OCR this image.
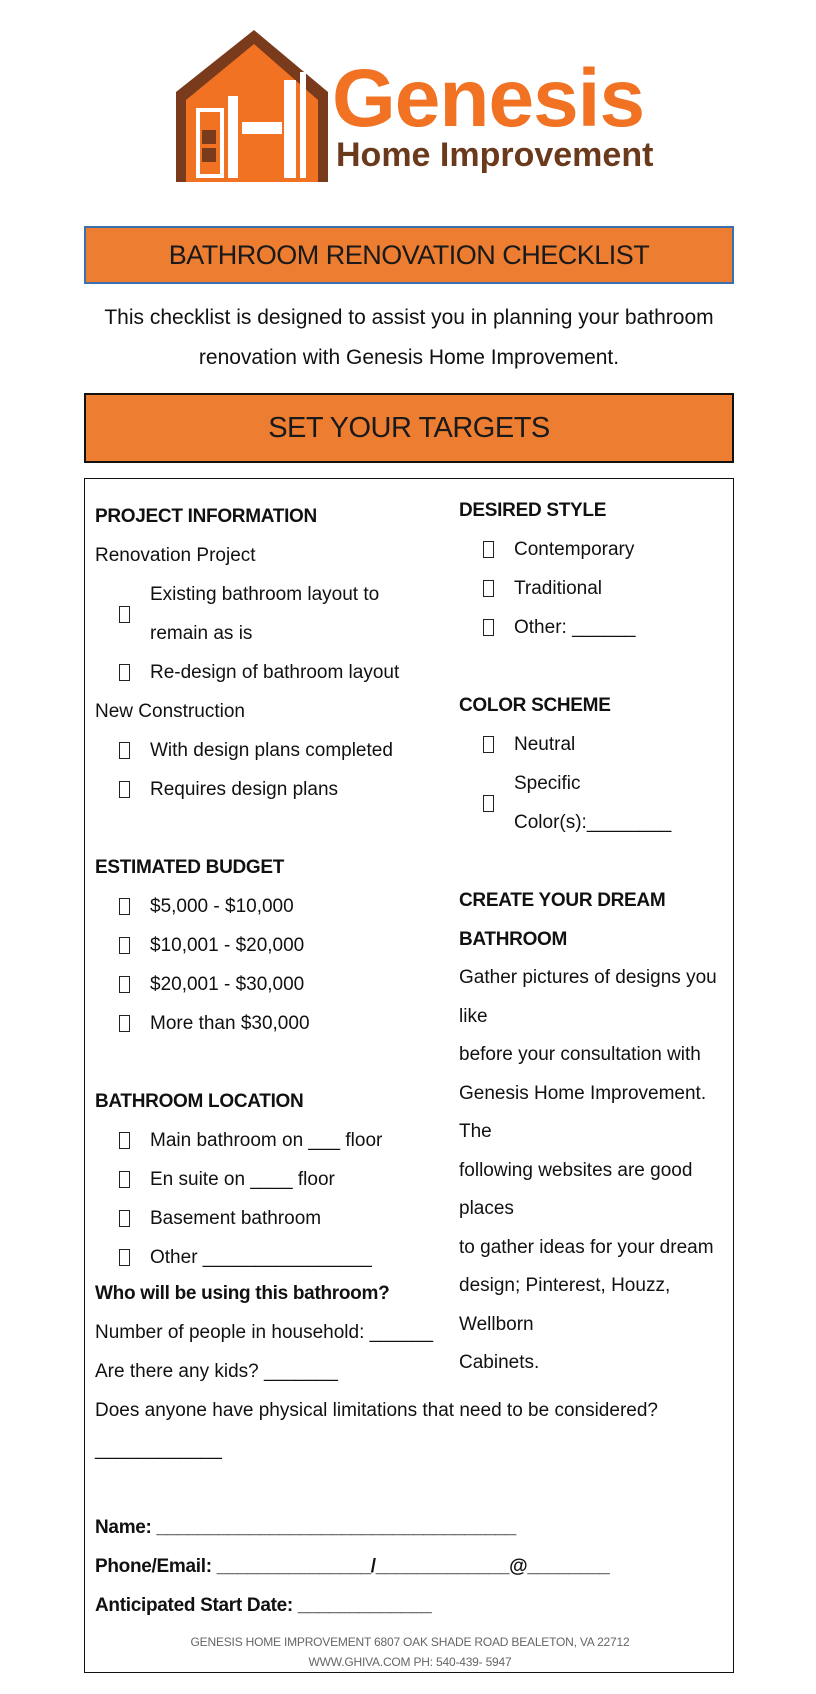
Genesis
Home Improvement
BATHROOM RENOVATION CHECKLIST
This checklist is designed to assist you in planning your bathroom renovation with Genesis Home Improvement.
SET YOUR TARGETS
PROJECT INFORMATION
Renovation Project
Existing bathroom layout to remain as is
Re-design of bathroom layout
New Construction
With design plans completed
Requires design plans
ESTIMATED BUDGET
$5,000 - $10,000
$10,001 - $20,000
$20,001 - $30,000
More than $30,000
BATHROOM LOCATION
Main bathroom on ___ floor
En suite on ____ floor
Basement bathroom
Other ________________
DESIRED STYLE
Contemporary
Traditional
Other: ______
COLOR SCHEME
Neutral
Specific Color(s):________
CREATE YOUR DREAM
BATHROOM
Gather pictures of designs you like
before your consultation with
Genesis Home Improvement. The
following websites are good places
to gather ideas for your dream
design; Pinterest, Houzz, Wellborn
Cabinets.
Who will be using this bathroom?
Number of people in household: ______
Are there any kids? _______
Does anyone have physical limitations that need to be considered? ____________
Name: ___________________________________
Phone/Email: _______________/_____________@________
Anticipated Start Date: _____________
GENESIS HOME IMPROVEMENT 6807 OAK SHADE ROAD BEALETON, VA 22712
WWW.GHIVA.COM PH: 540-439- 5947
